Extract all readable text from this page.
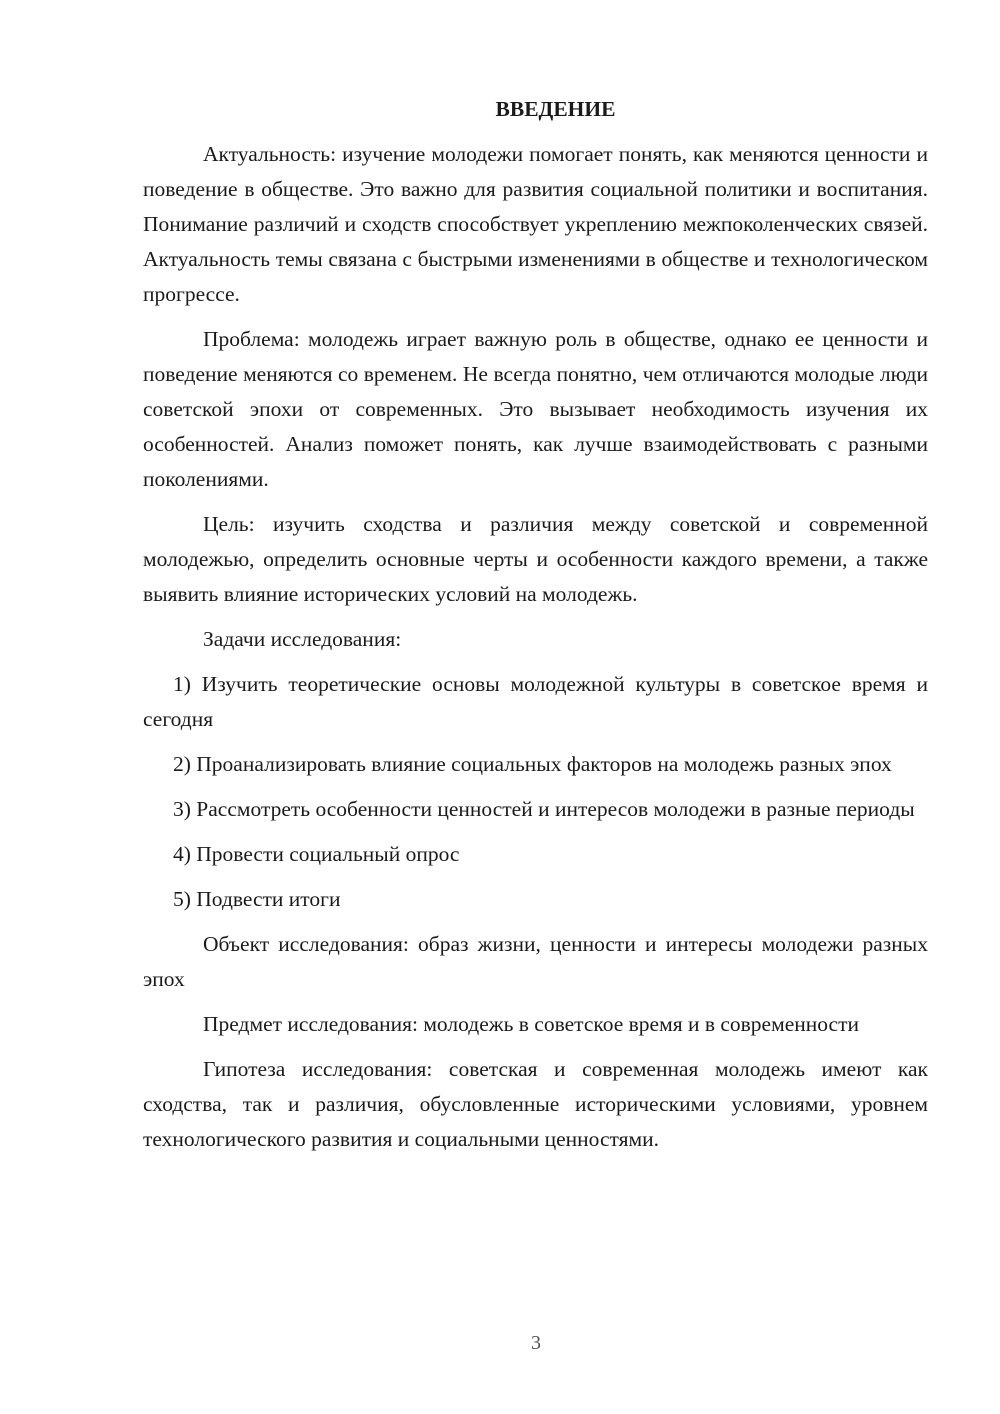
ВВЕДЕНИЕ

Актуальность: изучение молодежи помогает понять, как меняются ценности и поведение в обществе. Это важно для развития социальной политики и воспитания. Понимание различий и сходств способствует укреплению межпоколенческих связей. Актуальность темы связана с быстрыми изменениями в обществе и технологическом прогрессе.

Проблема: молодежь играет важную роль в обществе, однако ее ценности и поведение меняются со временем. Не всегда понятно, чем отличаются молодые люди советской эпохи от современных. Это вызывает необходимость изучения их особенностей. Анализ поможет понять, как лучше взаимодействовать с разными поколениями.

Цель: изучить сходства и различия между советской и современной молодежью, определить основные черты и особенности каждого времени, а также выявить влияние исторических условий на молодежь.

Задачи исследования:

1) Изучить теоретические основы молодежной культуры в советское время и сегодня

2) Проанализировать влияние социальных факторов на молодежь разных эпох

3) Рассмотреть особенности ценностей и интересов молодежи в разные периоды

4) Провести социальный опрос

5) Подвести итоги

Объект исследования: образ жизни, ценности и интересы молодежи разных эпох

Предмет исследования: молодежь в советское время и в современности

Гипотеза исследования: советская и современная молодежь имеют как сходства, так и различия, обусловленные историческими условиями, уровнем технологического развития и социальными ценностями.

3
